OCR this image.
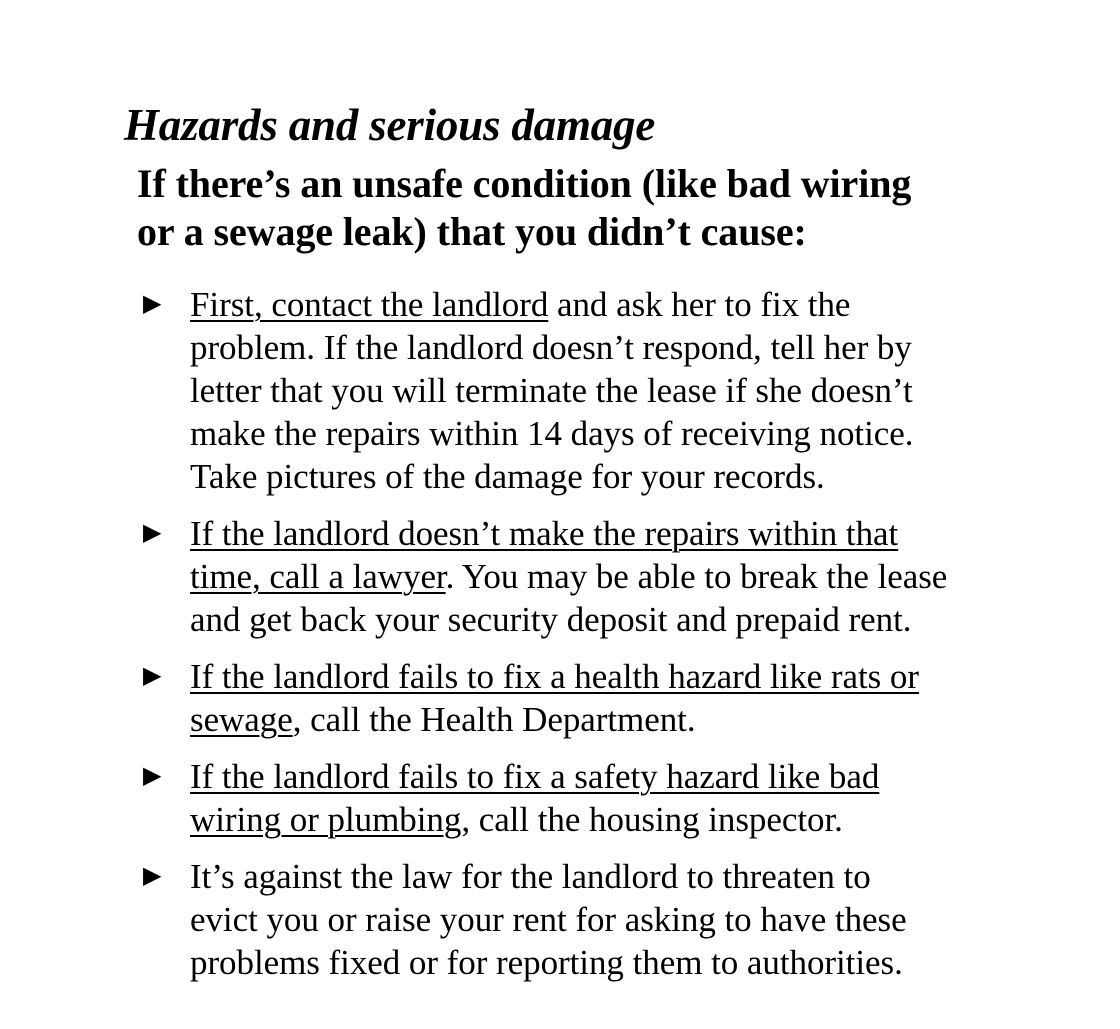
Hazards and serious damage
If there’s an unsafe condition (like bad wiring
or a sewage leak) that you didn’t cause:
▶ First, contact the landlord and ask her to fix the
problem. If the landlord doesn’t respond, tell her by
letter that you will terminate the lease if she doesn’t
make the repairs within 14 days of receiving notice.
Take pictures of the damage for your records.
▶ If the landlord doesn’t make the repairs within that
time, call a lawyer. You may be able to break the lease
and get back your security deposit and prepaid rent.
▶ If the landlord fails to fix a health hazard like rats or
sewage, call the Health Department.
▶ If the landlord fails to fix a safety hazard like bad
wiring or plumbing, call the housing inspector.
▶ It’s against the law for the landlord to threaten to
evict you or raise your rent for asking to have these
problems fixed or for reporting them to authorities.
